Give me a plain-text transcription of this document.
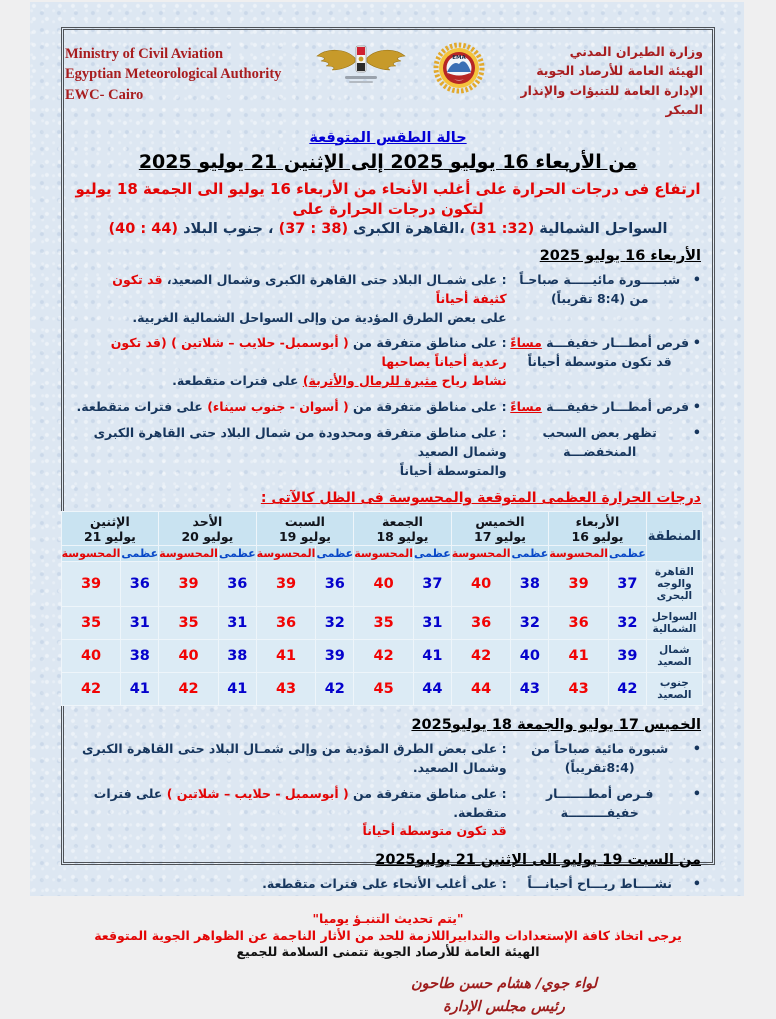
وزارة الطيران المدني
الهيئة العامة للأرصاد الجوية
الإدارة العامة للتنبؤات والإنذار المبكر
EMA
Ministry of Civil Aviation
Egyptian Meteorological Authority
EWC- Cairo
حالة الطقس المتوقعة
من الأربعاء 16 يوليو 2025 إلى الإثنين 21 يوليو 2025
ارتفاع فى درجات الحرارة على أغلب الأنحاء من الأربعاء 16 يوليو الى الجمعة 18 يوليو
لتكون درجات الحرارة على
السواحل الشمالية (31 :32) ،القاهرة الكبرى (37 : 38) ، جنوب البلاد (40 : 44)
الأربعاء 16 يوليو 2025
•
شبـــــورة مائيـــــة صباحـاً
من (8:4 تقريباً)
: على شمـال البلاد حتى القاهرة الكبرى وشمال الصعيد، قد تكون كثيفة أحياناً
على بعض الطرق المؤدية من وإلى السواحل الشمالية الغربية.
•
فرص أمطـــار خفيفـــة مساءً
قد تكون متوسطة أحياناً
: على مناطق متفرقة من ( أبوسمبل- حلايب – شلاتين ) (قد تكون رعدية أحياناً يصاحبها
نشاط رياح مثيرة للرمال والأتربة) على فترات متقطعة.
•
فرص أمطـــار خفيفـــة مساءً
: على مناطق متفرقة من ( أسوان - جنوب سيناء) على فترات متقطعة.
•
تظهر بعض السحب المنخفضـــة
: على مناطق متفرقة ومحدودة من شمال البلاد حتى القاهرة الكبرى وشمال الصعيد
والمتوسطة أحياناً
درجات الحرارة العظمى المتوقعة والمحسوسة فى الظل كالآتى :
المنطقة	
الأربعاء
16 يوليو

الخميس
17 يوليو

الجمعة
18 يوليو

السبت
19 يوليو

الأحد
20 يوليو

الإثنين
21 يوليو

	عظمى	المحسوسة	عظمى	المحسوسة	عظمى	المحسوسة	عظمى	المحسوسة	عظمى	المحسوسة	عظمى	المحسوسة
القاهرة والوجه البحرى	37	39	38	40	37	40	36	39	36	39	36	39
السواحل الشمالية	32	36	32	36	31	35	32	36	31	35	31	35
شمال الصعيد	39	41	40	42	41	42	39	41	38	40	38	40
جنوب الصعيد	42	43	43	44	44	45	42	43	41	42	41	42
الخميس 17 يوليو والجمعة 18 يوليو2025
•
شبورة مائية صباحاً من (8:4تقريباً)
: على بعض الطرق المؤدية من وإلى شمـال البلاد حتى القاهرة الكبرى وشمال الصعيد.
•
فـرص أمطـــــــار خفيفـــــــــة
: على مناطق متفرقة من ( أبوسمبل - حلايب – شلاتين ) على فترات متقطعة.
قد تكون متوسطة أحياناً
من السبت 19 يوليو الى الإثنين 21 يوليو2025
•
نشــــاط ريـــاح أحيانـــاً
: على أغلب الأنحاء على فترات متقطعة.
"يتم تحديث التنبـؤ يوميا"
يرجى اتخاذ كافة الإستعدادات والتدابيراللازمة للحد من الأثار الناجمة عن الظواهر الجوية المتوقعة
الهيئة العامة للأرصاد الجوية تتمنى السلامة للجميع
لواء جوي/ هشام حسن طاحون
رئيس مجلس الإدارة
